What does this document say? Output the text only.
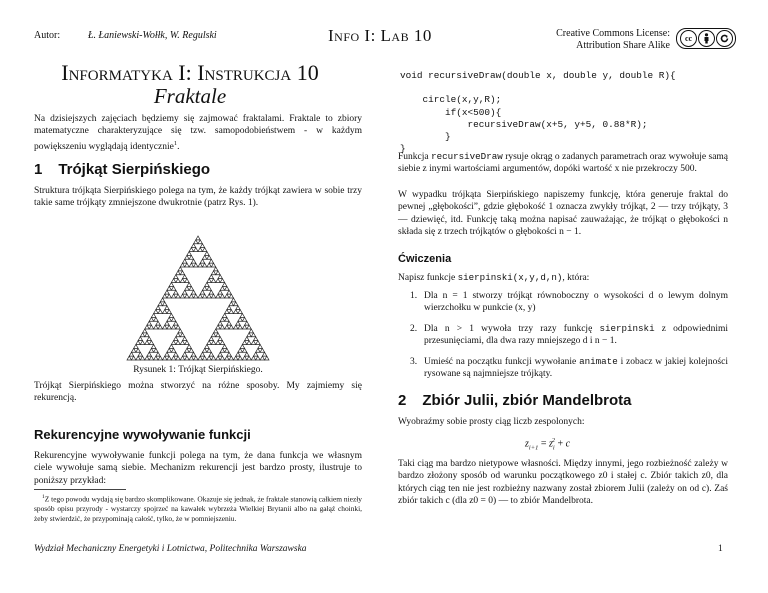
Autor:	Ł. Łaniewski-Wołłk, W. Regulski	Info I: Lab 10	Creative Commons License:
Attribution Share Alike
cc
Informatyka I: Instrukcja 10
Fraktale

Na dzisiejszych zajęciach będziemy się zajmować fraktalami. Fraktale to zbiory matematyczne charakteryzujące się tzw. samopodobieństwem - w każdym powiększeniu wyglądają identycznie$^1$.

1 Trójkąt Sierpińskiego

Struktura trójkąta Sierpińskiego polega na tym, że każdy trójkąt zawiera w sobie trzy takie same trójkąty zmniejszone dwukrotnie (patrz Rys. 1).

Rysunek 1: Trójkąt Sierpińskiego.

Trójkąt Sierpińskiego można stworzyć na różne sposoby. My zajmiemy się rekurencją.

Rekurencyjne wywoływanie funkcji

Rekurencyjne wywoływanie funkcji polega na tym, że dana funkcja we własnym ciele wywołuje samą siebie. Mechanizm rekurencji jest bardzo prosty, ilustruje to poniższy przykład:

$^1$Z tego powodu wydają się bardzo skomplikowane. Okazuje się jednak, że fraktale stanowią całkiem niezły sposób opisu przyrody - wystarczy spojrzeć na kawałek wybrzeża Wielkiej Brytanii albo na gałąź choinki, żeby stwierdzić, że przypominają całość, tylko, że w pomniejszeniu.

Wydział Mechaniczny Energetyki i Lotnictwa, Politechnika Warszawska
void recursiveDraw(double x, double y, double R){

circle(x,y,R);
if(x<500){
recursiveDraw(x+5, y+5, 0.88*R);
}
}

Funkcja recursiveDraw rysuje okrąg o zadanych parametrach oraz wywołuje samą siebie z inymi wartościami argumentów, dopóki wartość x nie przekroczy 500.

W wypadku trójkąta Sierpińskiego napiszemy funkcję, która generuje fraktal do pewnej „głębokości”, gdzie głębokość 1 oznacza zwykły trójkąt, 2 — trzy trójkąty, 3 — dziewięć, itd. Funkcję taką można napisać zauważając, że trójkąt o głębokości n składa się z trzech trójkątów o głębokości n − 1.

Ćwiczenia

Napisz funkcje sierpinski(x,y,d,n), która:

1. Dla n = 1 stworzy trójkąt równoboczny o wysokości d o lewym dolnym wierzchołku w punkcie (x, y)
2. Dla n > 1 wywoła trzy razy funkcję sierpinski z odpowiednimi przesunięciami, dla dwa razy mniejszego d i n − 1.
3. Umieść na początku funkcji wywołanie animate i zobacz w jakiej kolejności rysowane są najmniejsze trójkąty.
2 Zbiór Julii, zbiór Mandelbrota

Wyobraźmy sobie prosty ciąg liczb zespolonych:

$z_{i+1} = z_i^2 + c$

Taki ciąg ma bardzo nietypowe własności. Między innymi, jego rozbieżność zależy w bardzo złożony sposób od warunku początkowego z0 i stałej c. Zbiór takich z0, dla których ciąg ten nie jest rozbieżny nazwany został zbiorem Julii (zależy on od c). Zaś zbiór takich c (dla z0 = 0) — to zbiór Mandelbrota.

1
